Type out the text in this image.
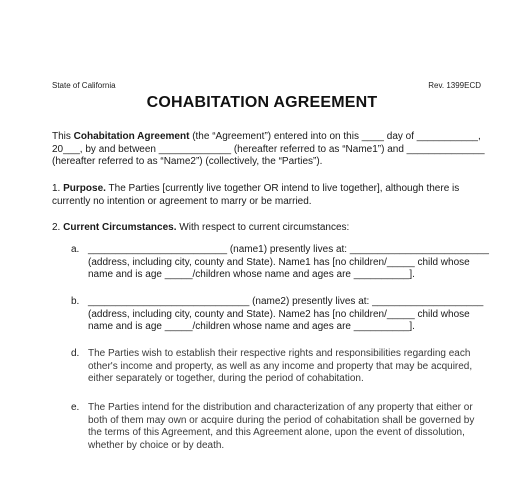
State of California	Rev. 1399ECD
COHABITATION AGREEMENT
This Cohabitation Agreement (the “Agreement”) entered into on this ____ day of ___________,
20___, by and between _____________ (hereafter referred to as “Name1”) and ______________
(hereafter referred to as “Name2”) (collectively, the “Parties”).
1. Purpose. The Parties [currently live together OR intend to live together], although there is
currently no intention or agreement to marry or be married.
2. Current Circumstances. With respect to current circumstances:
a. _________________________ (name1) presently lives at: _________________________
(address, including city, county and State). Name1 has [no children/_____ child whose
name and is age _____/children whose name and ages are __________].
b. _____________________________ (name2) presently lives at: ____________________
(address, including city, county and State). Name2 has [no children/_____ child whose
name and is age _____/children whose name and ages are __________].
d. The Parties wish to establish their respective rights and responsibilities regarding each
other's income and property, as well as any income and property that may be acquired,
either separately or together, during the period of cohabitation.
e. The Parties intend for the distribution and characterization of any property that either or
both of them may own or acquire during the period of cohabitation shall be governed by
the terms of this Agreement, and this Agreement alone, upon the event of dissolution,
whether by choice or by death.
